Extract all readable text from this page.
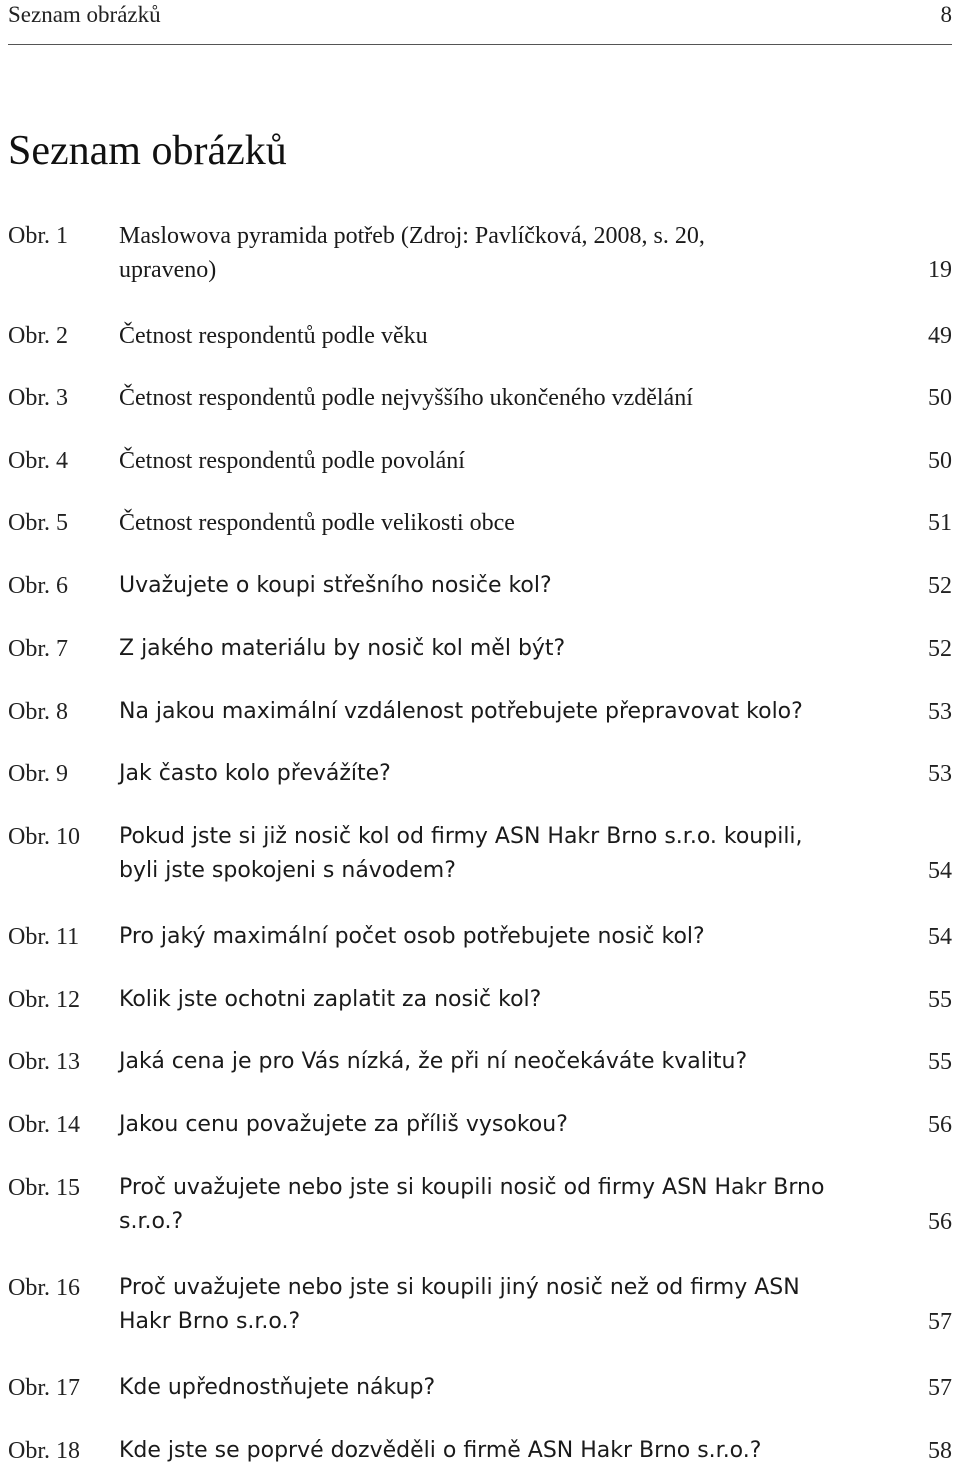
Seznam obrázků	8
Seznam obrázků
Obr. 1	Maslowova pyramida potřeb (Zdroj: Pavlíčková, 2008, s. 20,
upraveno)	19
Obr. 2	Četnost respondentů podle věku	49
Obr. 3	Četnost respondentů podle nejvyššího ukončeného vzdělání	50
Obr. 4	Četnost respondentů podle povolání	50
Obr. 5	Četnost respondentů podle velikosti obce	51
Obr. 6	Uvažujete o koupi střešního nosiče kol?	52
Obr. 7	Z jakého materiálu by nosič kol měl být?	52
Obr. 8	Na jakou maximální vzdálenost potřebujete přepravovat kolo?	53
Obr. 9	Jak často kolo převážíte?	53
Obr. 10	Pokud jste si již nosič kol od firmy ASN Hakr Brno s.r.o. koupili,
byli jste spokojeni s návodem?	54
Obr. 11	Pro jaký maximální počet osob potřebujete nosič kol?	54
Obr. 12	Kolik jste ochotni zaplatit za nosič kol?	55
Obr. 13	Jaká cena je pro Vás nízká, že při ní neočekáváte kvalitu?	55
Obr. 14	Jakou cenu považujete za příliš vysokou?	56
Obr. 15	Proč uvažujete nebo jste si koupili nosič od firmy ASN Hakr Brno
s.r.o.?	56
Obr. 16	Proč uvažujete nebo jste si koupili jiný nosič než od firmy ASN
Hakr Brno s.r.o.?	57
Obr. 17	Kde upřednostňujete nákup?	57
Obr. 18	Kde jste se poprvé dozvěděli o firmě ASN Hakr Brno s.r.o.?	58
